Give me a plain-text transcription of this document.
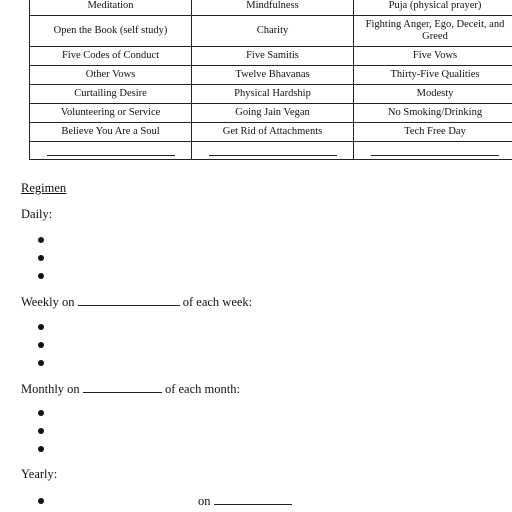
Meditation	Mindfulness	Puja (physical prayer)
Open the Book (self study)	Charity	Fighting Anger, Ego, Deceit, and Greed
Five Codes of Conduct	Five Samitis	Five Vows
Other Vows	Twelve Bhavanas	Thirty-Five Qualities
Curtailing Desire	Physical Hardship	Modesty
Volunteering or Service	Going Jain Vegan	No Smoking/Drinking
Believe You Are a Soul	Get Rid of Attachments	Tech Free Day

Regimen
Daily:
Weekly on	of each week:
Monthly on	of each month:
Yearly:
on
